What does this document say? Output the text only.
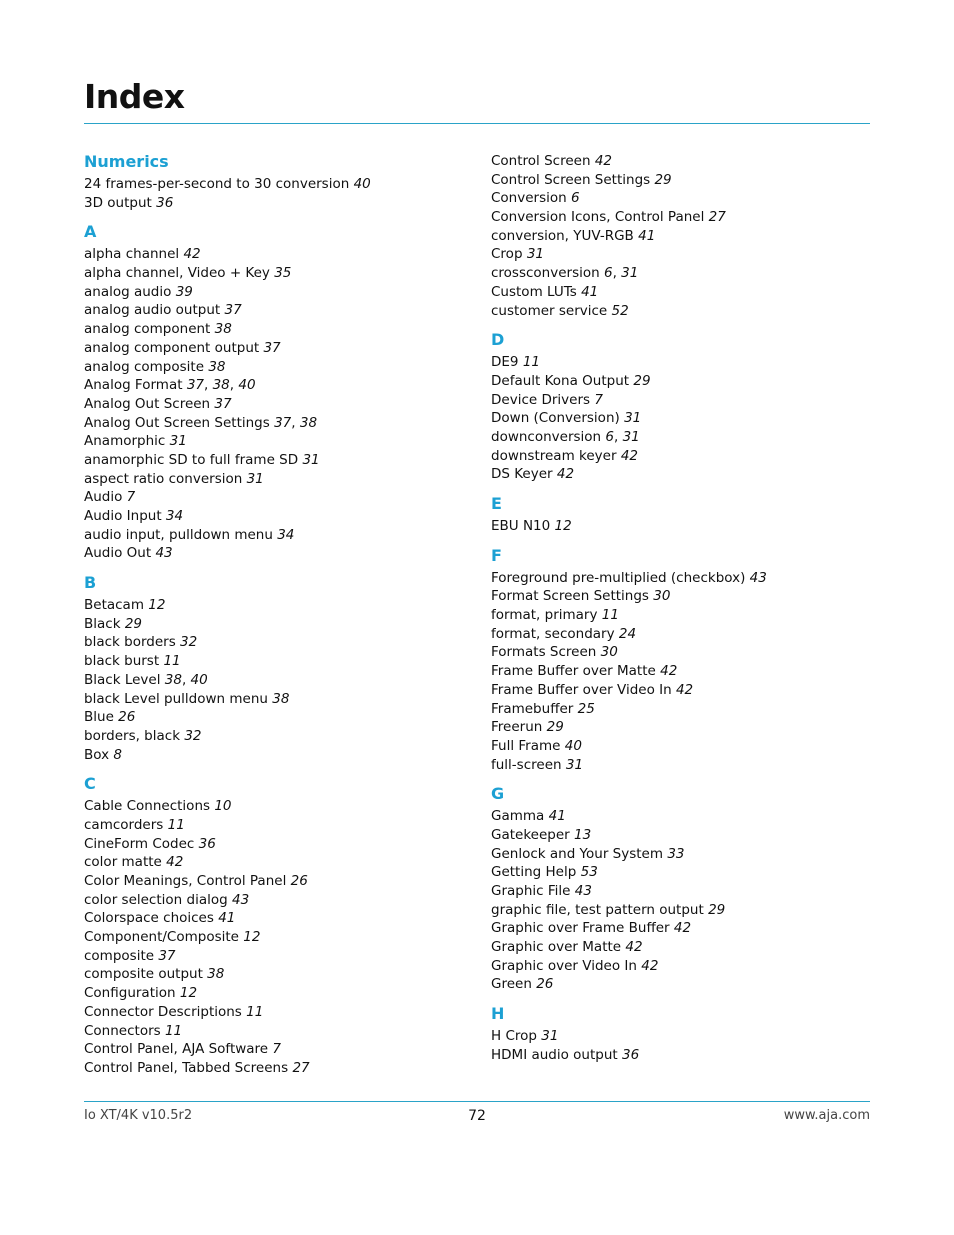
Index
Numerics
24 frames-per-second to 30 conversion 40
3D output 36
A
alpha channel 42
alpha channel, Video + Key 35
analog audio 39
analog audio output 37
analog component 38
analog component output 37
analog composite 38
Analog Format 37, 38, 40
Analog Out Screen 37
Analog Out Screen Settings 37, 38
Anamorphic 31
anamorphic SD to full frame SD 31
aspect ratio conversion 31
Audio 7
Audio Input 34
audio input, pulldown menu 34
Audio Out 43
B
Betacam 12
Black 29
black borders 32
black burst 11
Black Level 38, 40
black Level pulldown menu 38
Blue 26
borders, black 32
Box 8
C
Cable Connections 10
camcorders 11
CineForm Codec 36
color matte 42
Color Meanings, Control Panel 26
color selection dialog 43
Colorspace choices 41
Component/Composite 12
composite 37
composite output 38
Configuration 12
Connector Descriptions 11
Connectors 11
Control Panel, AJA Software 7
Control Panel, Tabbed Screens 27
Control Screen 42
Control Screen Settings 29
Conversion 6
Conversion Icons, Control Panel 27
conversion, YUV-RGB 41
Crop 31
crossconversion 6, 31
Custom LUTs 41
customer service 52
D
DE9 11
Default Kona Output 29
Device Drivers 7
Down (Conversion) 31
downconversion 6, 31
downstream keyer 42
DS Keyer 42
E
EBU N10 12
F
Foreground pre-multiplied (checkbox) 43
Format Screen Settings 30
format, primary 11
format, secondary 24
Formats Screen 30
Frame Buffer over Matte 42
Frame Buffer over Video In 42
Framebuffer 25
Freerun 29
Full Frame 40
full-screen 31
G
Gamma 41
Gatekeeper 13
Genlock and Your System 33
Getting Help 53
Graphic File 43
graphic file, test pattern output 29
Graphic over Frame Buffer 42
Graphic over Matte 42
Graphic over Video In 42
Green 26
H
H Crop 31
HDMI audio output 36
Io XT/4K v10.5r2	72	www.aja.com
